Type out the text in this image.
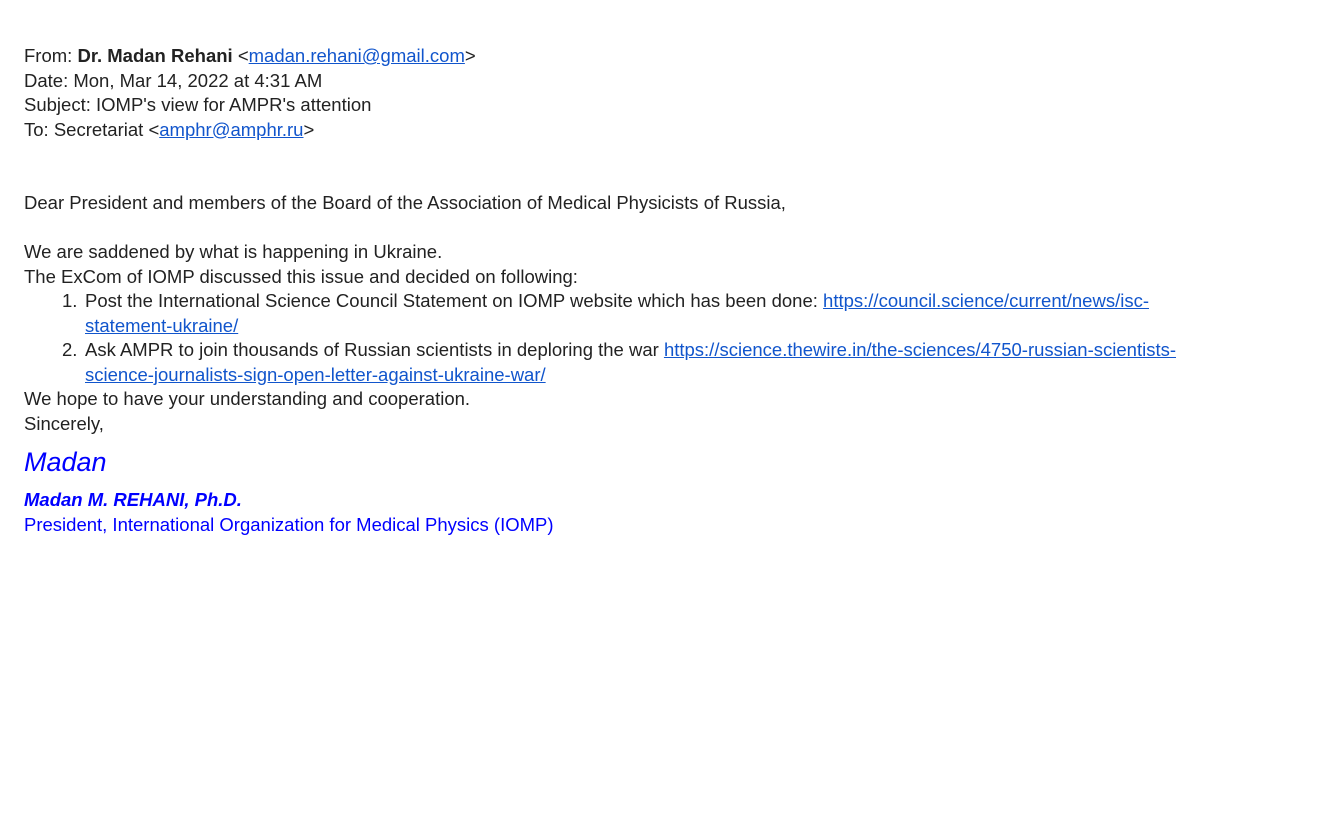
From: Dr. Madan Rehani <madan.rehani@gmail.com>
Date: Mon, Mar 14, 2022 at 4:31 AM
Subject: IOMP's view for AMPR's attention
To: Secretariat <amphr@amphr.ru>
Dear President and members of the Board of the Association of Medical Physicists of Russia,
We are saddened by what is happening in Ukraine.
The ExCom of IOMP discussed this issue and decided on following:
1. Post the International Science Council Statement on IOMP website which has been done: https://council.science/current/news/isc-
statement-ukraine/
2. Ask AMPR to join thousands of Russian scientists in deploring the war https://science.thewire.in/the-sciences/4750-russian-scientists-
science-journalists-sign-open-letter-against-ukraine-war/
We hope to have your understanding and cooperation.
Sincerely,
Madan
Madan M. REHANI, Ph.D.
President, International Organization for Medical Physics (IOMP)
